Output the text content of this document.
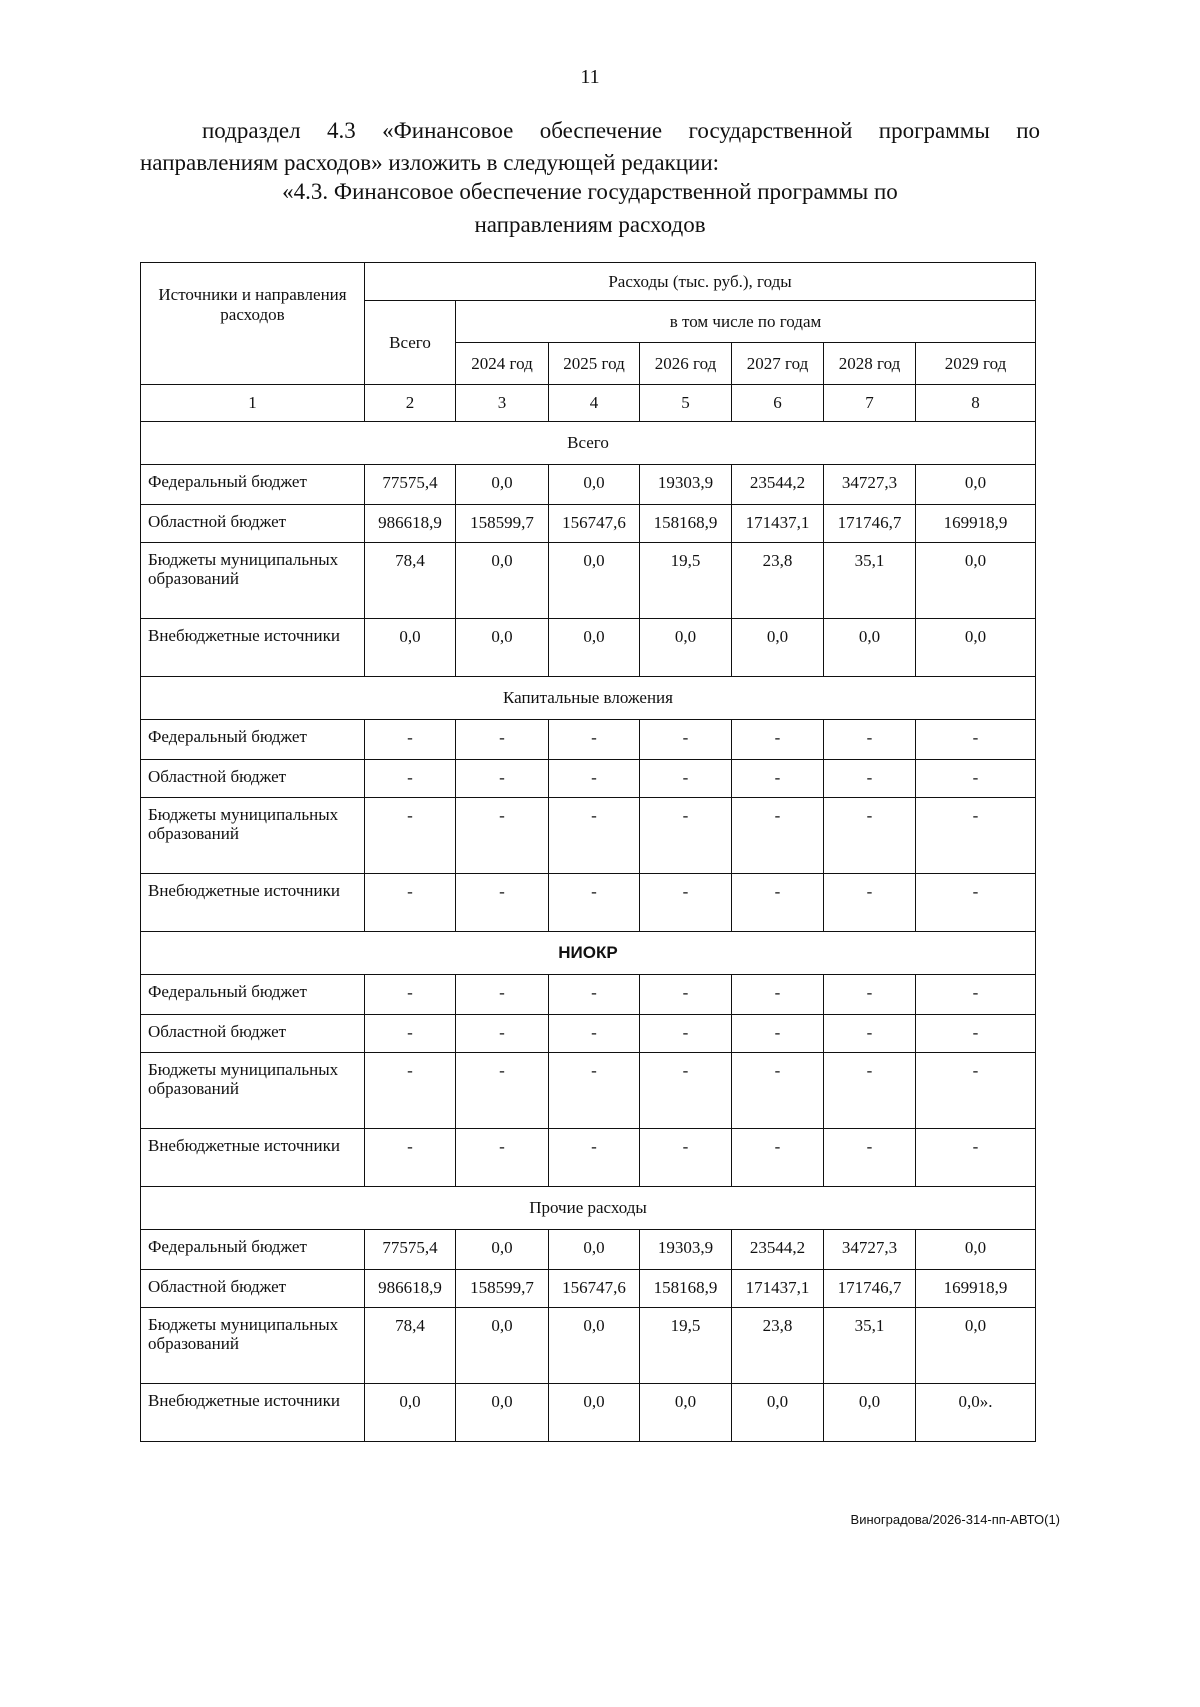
11

подраздел 4.3 «Финансовое обеспечение государственной программы по направлениям расходов» изложить в следующей редакции:

«4.3. Финансовое обеспечение государственной программы по
направлениям расходов
Источники и направления расходов	Расходы (тыс. руб.), годы						
	Всего	в том числе по годам					
		2024 год	2025 год	2026 год	2027 год	2028 год	2029 год
1	2	3	4	5	6	7	8
Всего							
Федеральный бюджет	77575,4	0,0	0,0	19303,9	23544,2	34727,3	0,0
Областной бюджет	986618,9	158599,7	156747,6	158168,9	171437,1	171746,7	169918,9
Бюджеты муниципальных образований	78,4	0,0	0,0	19,5	23,8	35,1	0,0
Внебюджетные источники	0,0	0,0	0,0	0,0	0,0	0,0	0,0
Капитальные вложения							
Федеральный бюджет	-	-	-	-	-	-	-
Областной бюджет	-	-	-	-	-	-	-
Бюджеты муниципальных образований	-	-	-	-	-	-	-
Внебюджетные источники	-	-	-	-	-	-	-
НИОКР							
Федеральный бюджет	-	-	-	-	-	-	-
Областной бюджет	-	-	-	-	-	-	-
Бюджеты муниципальных образований	-	-	-	-	-	-	-
Внебюджетные источники	-	-	-	-	-	-	-
Прочие расходы							
Федеральный бюджет	77575,4	0,0	0,0	19303,9	23544,2	34727,3	0,0
Областной бюджет	986618,9	158599,7	156747,6	158168,9	171437,1	171746,7	169918,9
Бюджеты муниципальных образований	78,4	0,0	0,0	19,5	23,8	35,1	0,0
Внебюджетные источники	0,0	0,0	0,0	0,0	0,0	0,0	0,0».
Виноградова/2026-314-пп-АВТО(1)
